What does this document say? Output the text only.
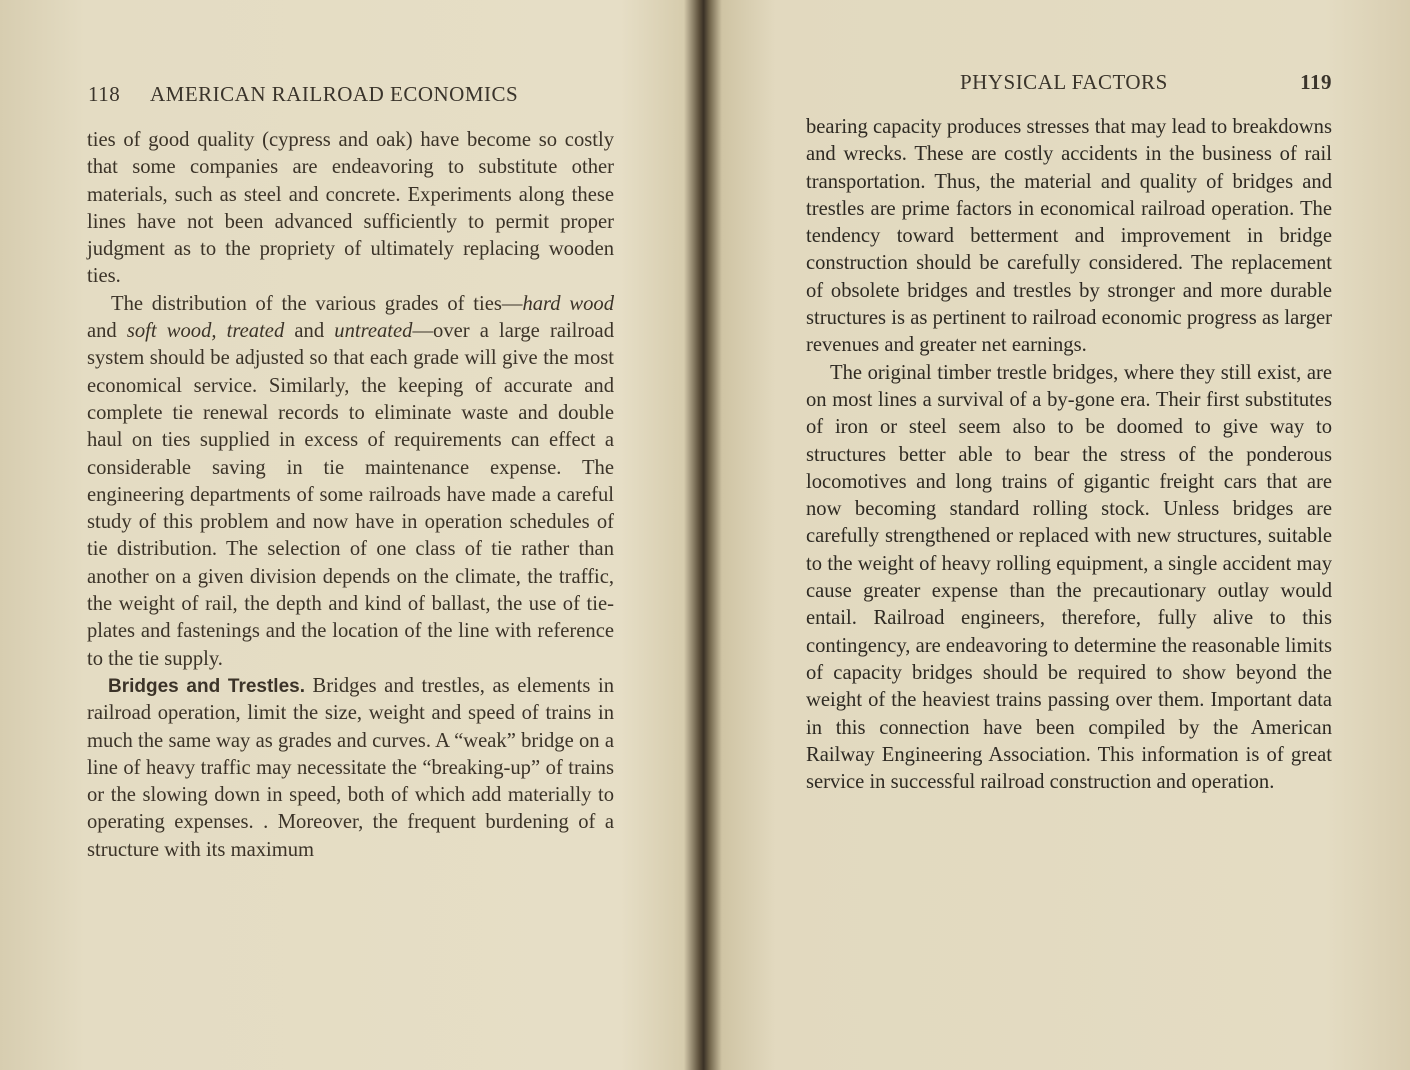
118 AMERICAN RAILROAD ECONOMICS

ties of good quality (cypress and oak) have become so costly that some companies are endeavoring to substitute other materials, such as steel and concrete. Experiments along these lines have not been advanced sufficiently to permit proper judgment as to the propriety of ultimately replacing wooden ties.

The distribution of the various grades of ties—hard wood and soft wood, treated and untreated—over a large railroad system should be adjusted so that each grade will give the most economical service. Similarly, the keeping of accurate and complete tie renewal records to eliminate waste and double haul on ties supplied in excess of requirements can effect a considerable saving in tie maintenance expense. The engineering departments of some railroads have made a careful study of this problem and now have in operation schedules of tie distribution. The selection of one class of tie rather than another on a given division depends on the climate, the traffic, the weight of rail, the depth and kind of ballast, the use of tie-plates and fastenings and the location of the line with reference to the tie supply.

Bridges and Trestles. Bridges and trestles, as elements in railroad operation, limit the size, weight and speed of trains in much the same way as grades and curves. A “weak” bridge on a line of heavy traffic may necessitate the “breaking-up” of trains or the slowing down in speed, both of which add materially to operating expenses. . Moreover, the frequent burdening of a structure with its maximum

PHYSICAL FACTORS	119

bearing capacity produces stresses that may lead to breakdowns and wrecks. These are costly accidents in the business of rail transportation. Thus, the material and quality of bridges and trestles are prime factors in economical railroad operation. The tendency toward betterment and improvement in bridge construction should be carefully considered. The replacement of obsolete bridges and trestles by stronger and more durable structures is as pertinent to railroad economic progress as larger revenues and greater net earnings.

The original timber trestle bridges, where they still exist, are on most lines a survival of a by-gone era. Their first substitutes of iron or steel seem also to be doomed to give way to structures better able to bear the stress of the ponderous locomotives and long trains of gigantic freight cars that are now becoming standard rolling stock. Unless bridges are carefully strengthened or replaced with new structures, suitable to the weight of heavy rolling equipment, a single accident may cause greater expense than the precautionary outlay would entail. Railroad engineers, therefore, fully alive to this contingency, are endeavoring to determine the reasonable limits of capacity bridges should be required to show beyond the weight of the heaviest trains passing over them. Important data in this connection have been compiled by the American Railway Engineering Association. This information is of great service in successful railroad construction and operation.
